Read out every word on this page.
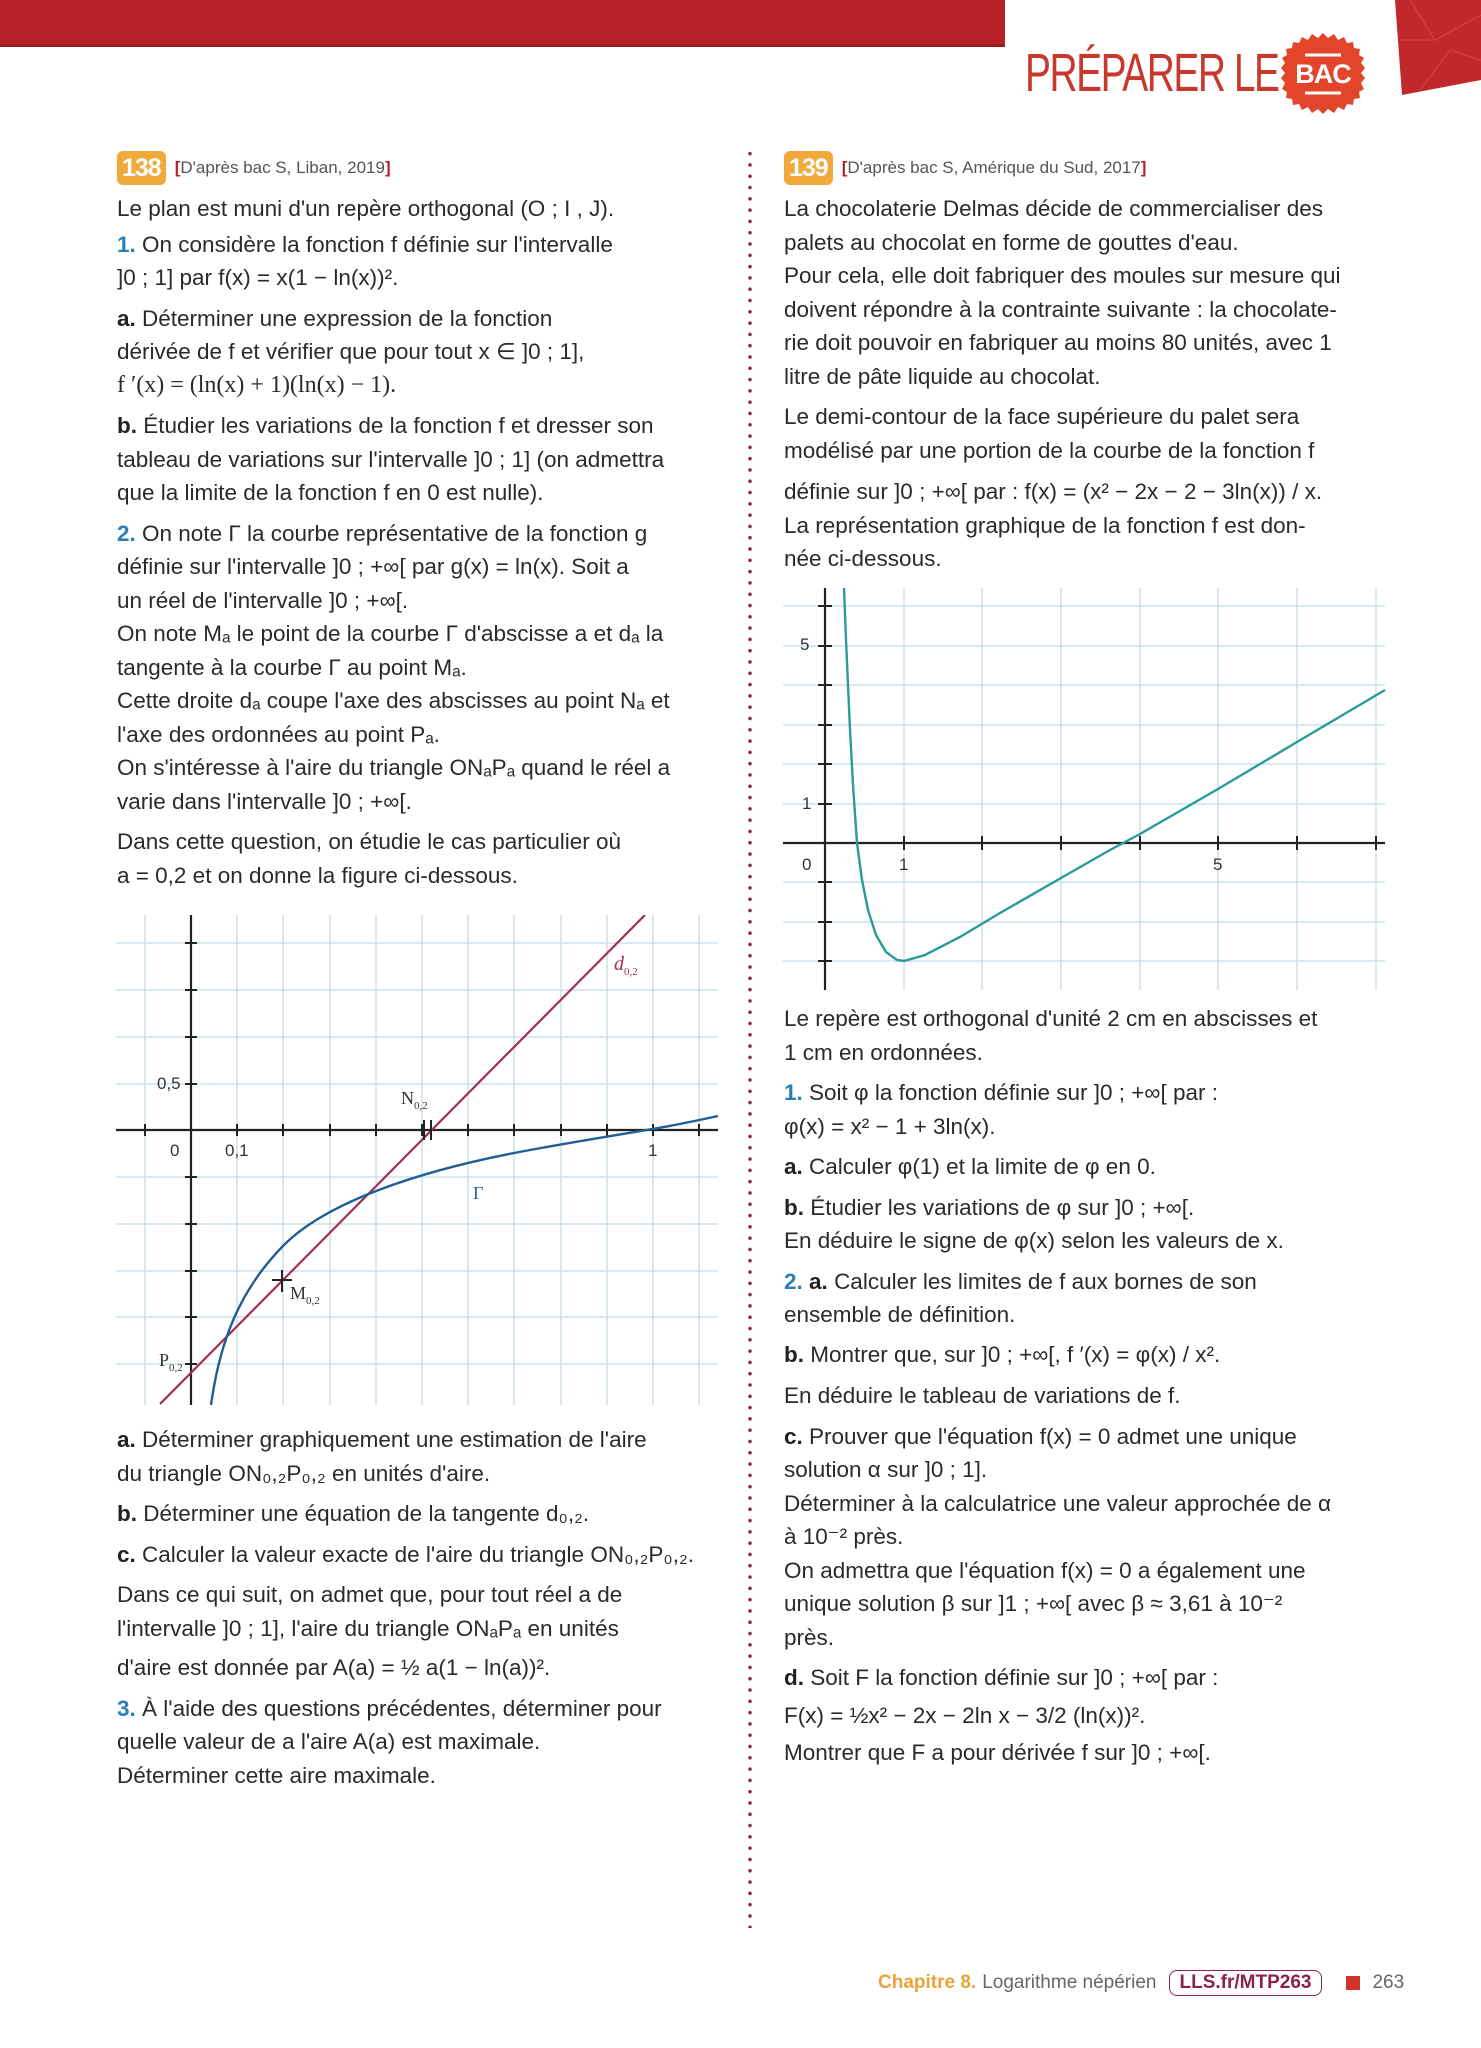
PRÉPARER LE BAC
138 [D'après bac S, Liban, 2019]

Le plan est muni d'un repère orthogonal (O ; I , J).

1. On considère la fonction f définie sur l'intervalle

]0 ; 1] par f(x) = x(1 − ln(x))².

a. Déterminer une expression de la fonction

dérivée de f et vérifier que pour tout x ∈ ]0 ; 1],

f ′(x) = (ln(x) + 1)(ln(x) − 1).

b. Étudier les variations de la fonction f et dresser son

tableau de variations sur l'intervalle ]0 ; 1] (on admettra

que la limite de la fonction f en 0 est nulle).

2. On note Γ la courbe représentative de la fonction g

définie sur l'intervalle ]0 ; +∞[ par g(x) = ln(x). Soit a

un réel de l'intervalle ]0 ; +∞[.

On note Mₐ le point de la courbe Γ d'abscisse a et dₐ la

tangente à la courbe Γ au point Mₐ.

Cette droite dₐ coupe l'axe des abscisses au point Nₐ et

l'axe des ordonnées au point Pₐ.

On s'intéresse à l'aire du triangle ONₐPₐ quand le réel a

varie dans l'intervalle ]0 ; +∞[.

Dans cette question, on étudie le cas particulier où

a = 0,2 et on donne la figure ci-dessous.

0,5
0	0,1	1
$N_{0,2}$
$M_{0,2}$
$P_{0,2}$
Γ
$d_{0,2}$

a. Déterminer graphiquement une estimation de l'aire

du triangle ON₀,₂P₀,₂ en unités d'aire.

b. Déterminer une équation de la tangente d₀,₂.

c. Calculer la valeur exacte de l'aire du triangle ON₀,₂P₀,₂.

Dans ce qui suit, on admet que, pour tout réel a de

l'intervalle ]0 ; 1], l'aire du triangle ONₐPₐ en unités

d'aire est donnée par A(a) = ½ a(1 − ln(a))².

3. À l'aide des questions précédentes, déterminer pour

quelle valeur de a l'aire A(a) est maximale.

Déterminer cette aire maximale.

139 [D'après bac S, Amérique du Sud, 2017]

La chocolaterie Delmas décide de commercialiser des

palets au chocolat en forme de gouttes d'eau.

Pour cela, elle doit fabriquer des moules sur mesure qui

doivent répondre à la contrainte suivante : la chocolate-

rie doit pouvoir en fabriquer au moins 80 unités, avec 1

litre de pâte liquide au chocolat.

Le demi-contour de la face supérieure du palet sera

modélisé par une portion de la courbe de la fonction f

définie sur ]0 ; +∞[ par : f(x) = (x² − 2x − 2 − 3ln(x)) / x.

La représentation graphique de la fonction f est don-

née ci-dessous.

5
1
0	1	5

Le repère est orthogonal d'unité 2 cm en abscisses et

1 cm en ordonnées.

1. Soit φ la fonction définie sur ]0 ; +∞[ par :

φ(x) = x² − 1 + 3ln(x).

a. Calculer φ(1) et la limite de φ en 0.

b. Étudier les variations de φ sur ]0 ; +∞[.

En déduire le signe de φ(x) selon les valeurs de x.

2. a. Calculer les limites de f aux bornes de son

ensemble de définition.

b. Montrer que, sur ]0 ; +∞[, f ′(x) = φ(x) / x².

En déduire le tableau de variations de f.

c. Prouver que l'équation f(x) = 0 admet une unique

solution α sur ]0 ; 1].

Déterminer à la calculatrice une valeur approchée de α

à 10⁻² près.

On admettra que l'équation f(x) = 0 a également une

unique solution β sur ]1 ; +∞[ avec β ≈ 3,61 à 10⁻²

près.

d. Soit F la fonction définie sur ]0 ; +∞[ par :

F(x) = ½x² − 2x − 2ln x − 3/2 (ln(x))².

Montrer que F a pour dérivée f sur ]0 ; +∞[.

Chapitre 8. Logarithme népérien	LLS.fr/MTP263	263
